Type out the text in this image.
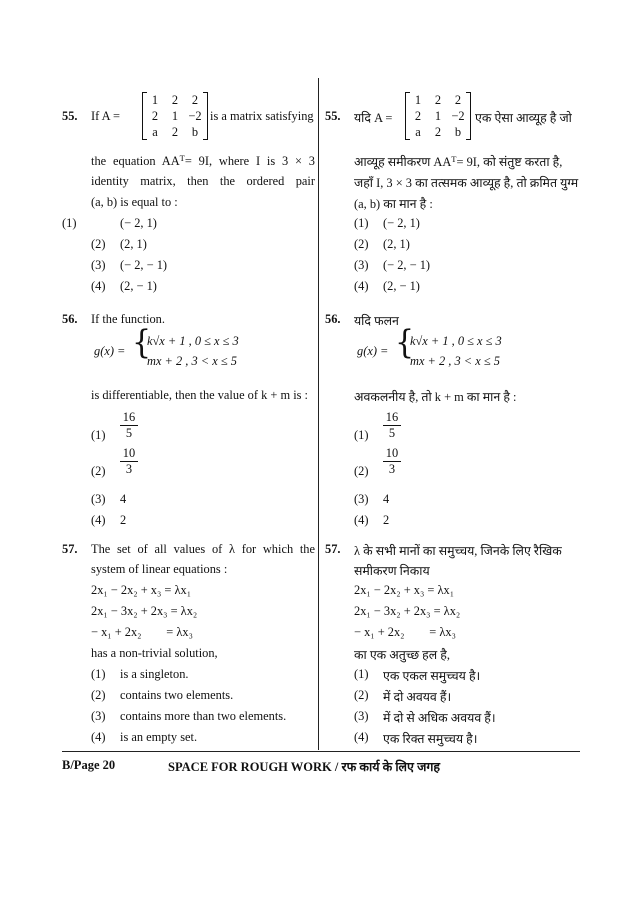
55. If A =
1	2	2
2	1 −2
a	2	b
is a matrix satisfying
the equation $AA^T= 9I$, where I is 3 × 3
identity matrix, then the ordered pair
(a, b) is equal to :
(1)	(− 2, 1)
(2) (2, 1)
(3) (− 2, − 1)
(4) (2, − 1)
56. If the function.
g(x) = {
k√x + 1 , 0 ≤ x ≤ 3
mx + 2 , 3 < x ≤ 5
is differentiable, then the value of k + m is :
$(1) \frac{16}{5}$
$(2) \frac{10}{3}$
(3) 4
(4) 2
57. The set of all values of λ for which the
system of linear equations :
2x₁ − 2x₂ + x₃ = λx₁
2x₁ − 3x₂ + 2x₃ = λx₂
− x₁ + 2x₂        = λx₃
has a non-trivial solution,
(1) is a singleton.
(2) contains two elements.
(3) contains more than two elements.
(4) is an empty set.
55. यदि A =
1	2	2
2	1 −2
a	2	b
एक ऐसा आव्यूह है जो
आव्यूह समीकरण $AA^T= 9I$, को संतुष्ट करता है,
जहाँ I, 3 × 3 का तत्समक आव्यूह है, तो क्रमित युग्म
(a, b) का मान है :
(1) (− 2, 1)
(2) (2, 1)
(3) (− 2, − 1)
(4) (2, − 1)
56. यदि फलन
g(x) = {
k√x + 1 , 0 ≤ x ≤ 3
mx + 2 , 3 < x ≤ 5
अवकलनीय है, तो k + m का मान है :
$(1) \frac{16}{5}$
$(2) \frac{10}{3}$
(3) 4
(4) 2
57. λ के सभी मानों का समुच्चय, जिनके लिए रैखिक
समीकरण निकाय
2x₁ − 2x₂ + x₃ = λx₁
2x₁ − 3x₂ + 2x₃ = λx₂
− x₁ + 2x₂        = λx₃
का एक अतुच्छ हल है,
(1) एक एकल समुच्चय है।
(2) में दो अवयव हैं।
(3) में दो से अधिक अवयव हैं।
(4) एक रिक्त समुच्चय है।
B/Page 20	SPACE FOR ROUGH WORK / रफ कार्य के लिए जगह
